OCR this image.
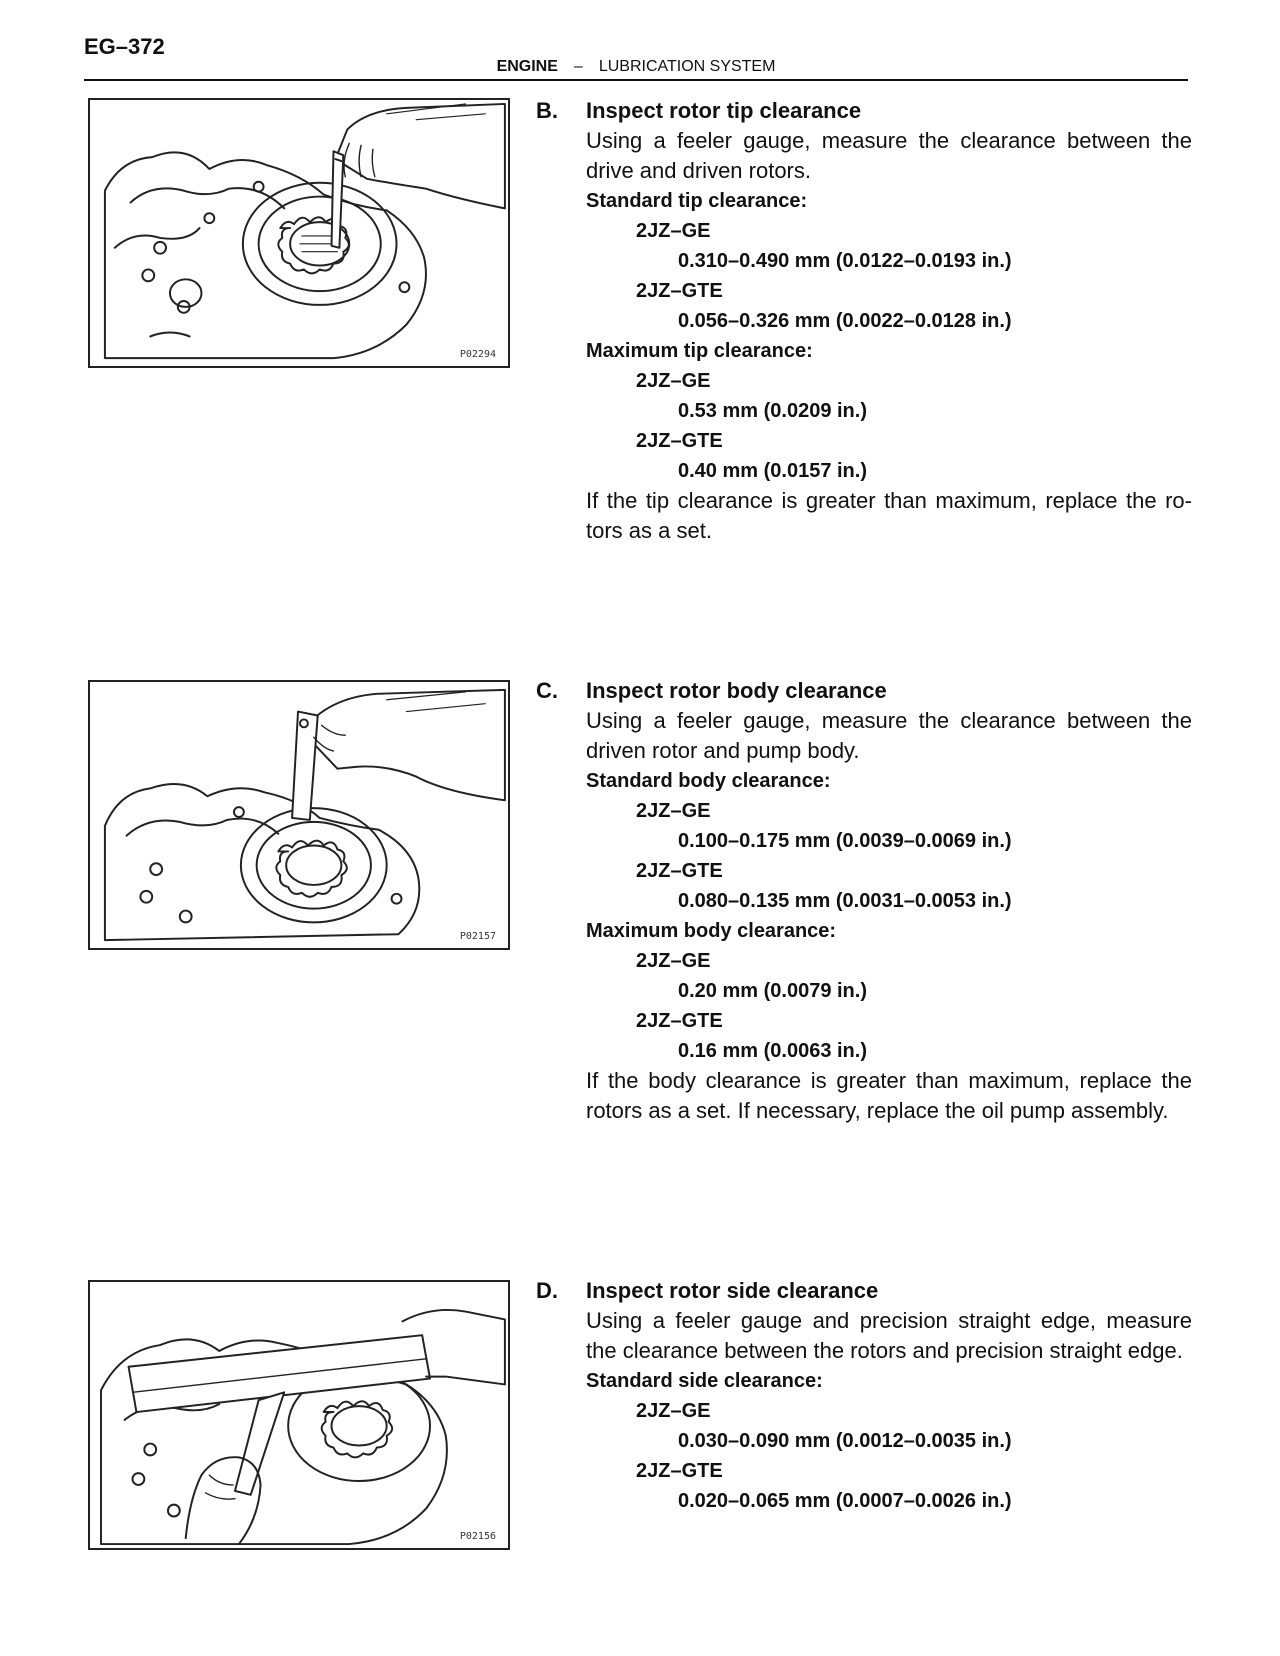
EG–372
ENGINE – LUBRICATION SYSTEM
P02294
P02157
P02156
B. Inspect rotor tip clearance
Using a feeler gauge, measure the clearance between the drive and driven rotors.
Standard tip clearance:
2JZ–GE
0.310–0.490 mm (0.0122–0.0193 in.)
2JZ–GTE
0.056–0.326 mm (0.0022–0.0128 in.)
Maximum tip clearance:
2JZ–GE
0.53 mm (0.0209 in.)
2JZ–GTE
0.40 mm (0.0157 in.)
If the tip clearance is greater than maximum, replace the ro-tors as a set.
C. Inspect rotor body clearance
Using a feeler gauge, measure the clearance between the driven rotor and pump body.
Standard body clearance:
2JZ–GE
0.100–0.175 mm (0.0039–0.0069 in.)
2JZ–GTE
0.080–0.135 mm (0.0031–0.0053 in.)
Maximum body clearance:
2JZ–GE
0.20 mm (0.0079 in.)
2JZ–GTE
0.16 mm (0.0063 in.)
If the body clearance is greater than maximum, replace the rotors as a set. If necessary, replace the oil pump assembly.
D. Inspect rotor side clearance
Using a feeler gauge and precision straight edge, measure the clearance between the rotors and precision straight edge.
Standard side clearance:
2JZ–GE
0.030–0.090 mm (0.0012–0.0035 in.)
2JZ–GTE
0.020–0.065 mm (0.0007–0.0026 in.)
